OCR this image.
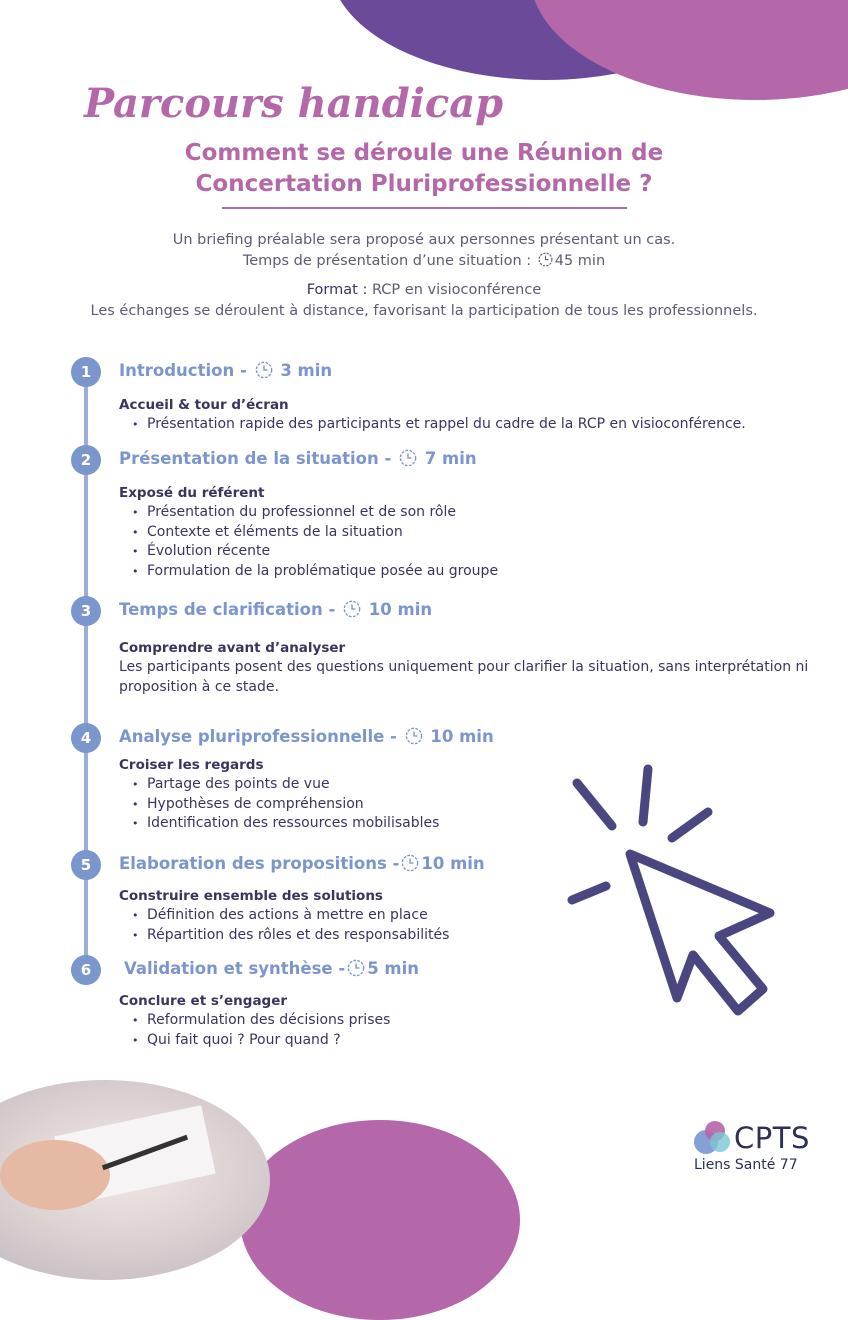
Parcours handicap
Comment se déroule une Réunion de
Concertation Pluriprofessionnelle ?

Un briefing préalable sera proposé aux personnes présentant un cas.

Temps de présentation d’une situation : 45 min

Format : RCP en visioconférence

Les échanges se déroulent à distance, favorisant la participation de tous les professionnels.

1	Introduction - 3 min
Accueil & tour d’écran
• Présentation rapide des participants et rappel du cadre de la RCP en visioconférence.
2	Présentation de la situation - 7 min
Exposé du référent
• Présentation du professionnel et de son rôle
• Contexte et éléments de la situation
• Évolution récente
• Formulation de la problématique posée au groupe
3	Temps de clarification - 10 min
Comprendre avant d’analyser

Les participants posent des questions uniquement pour clarifier la situation, sans interprétation ni proposition à ce stade.

4	Analyse pluriprofessionnelle - 10 min
Croiser les regards
• Partage des points de vue
• Hypothèses de compréhension
• Identification des ressources mobilisables
5	Elaboration des propositions - 10 min
Construire ensemble des solutions
• Définition des actions à mettre en place
• Répartition des rôles et des responsabilités
6	Validation et synthèse - 5 min
Conclure et s’engager
• Reformulation des décisions prises
• Qui fait quoi ? Pour quand ?
CPTS
Liens Santé 77
